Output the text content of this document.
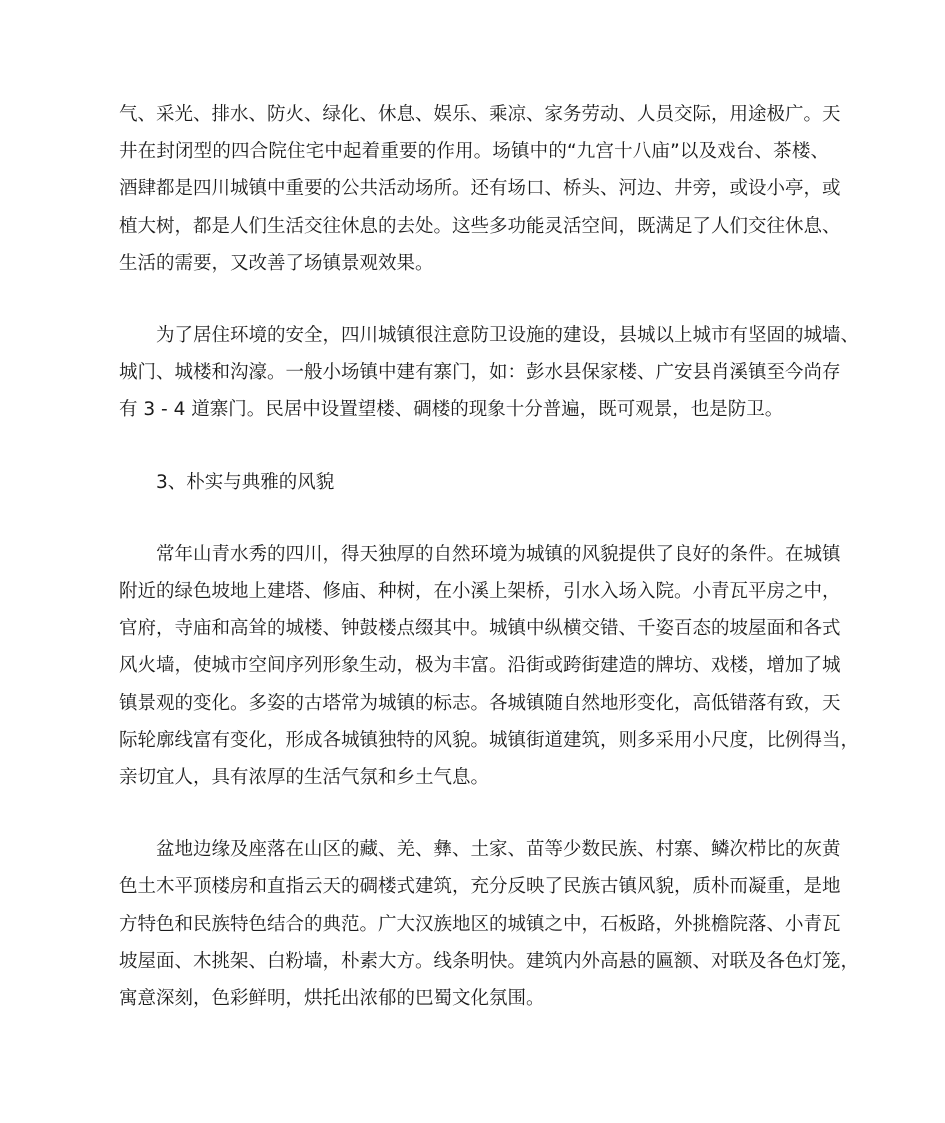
气、采光、排水、防火、绿化、休息、娱乐、乘凉、家务劳动、人员交际，用途极广。天
井在封闭型的四合院住宅中起着重要的作用。场镇中的“九宫十八庙”以及戏台、茶楼、
酒肆都是四川城镇中重要的公共活动场所。还有场口、桥头、河边、井旁，或设小亭，或
植大树，都是人们生活交往休息的去处。这些多功能灵活空间，既满足了人们交往休息、
生活的需要，又改善了场镇景观效果。

为了居住环境的安全，四川城镇很注意防卫设施的建设，县城以上城市有坚固的城墙、
城门、城楼和沟濠。一般小场镇中建有寨门，如：彭水县保家楼、广安县肖溪镇至今尚存
有 3 - 4 道寨门。民居中设置望楼、碉楼的现象十分普遍，既可观景，也是防卫。

3、朴实与典雅的风貌

常年山青水秀的四川，得天独厚的自然环境为城镇的风貌提供了良好的条件。在城镇
附近的绿色坡地上建塔、修庙、种树，在小溪上架桥，引水入场入院。小青瓦平房之中，
官府，寺庙和高耸的城楼、钟鼓楼点缀其中。城镇中纵横交错、千姿百态的坡屋面和各式
风火墙，使城市空间序列形象生动，极为丰富。沿街或跨街建造的牌坊、戏楼，增加了城
镇景观的变化。多姿的古塔常为城镇的标志。各城镇随自然地形变化，高低错落有致，天
际轮廓线富有变化，形成各城镇独特的风貌。城镇街道建筑，则多采用小尺度，比例得当，
亲切宜人，具有浓厚的生活气氛和乡土气息。

盆地边缘及座落在山区的藏、羌、彝、土家、苗等少数民族、村寨、鳞次栉比的灰黄
色土木平顶楼房和直指云天的碉楼式建筑，充分反映了民族古镇风貌，质朴而凝重，是地
方特色和民族特色结合的典范。广大汉族地区的城镇之中，石板路，外挑檐院落、小青瓦
坡屋面、木挑架、白粉墙，朴素大方。线条明快。建筑内外高悬的匾额、对联及各色灯笼，
寓意深刻，色彩鲜明，烘托出浓郁的巴蜀文化氛围。
